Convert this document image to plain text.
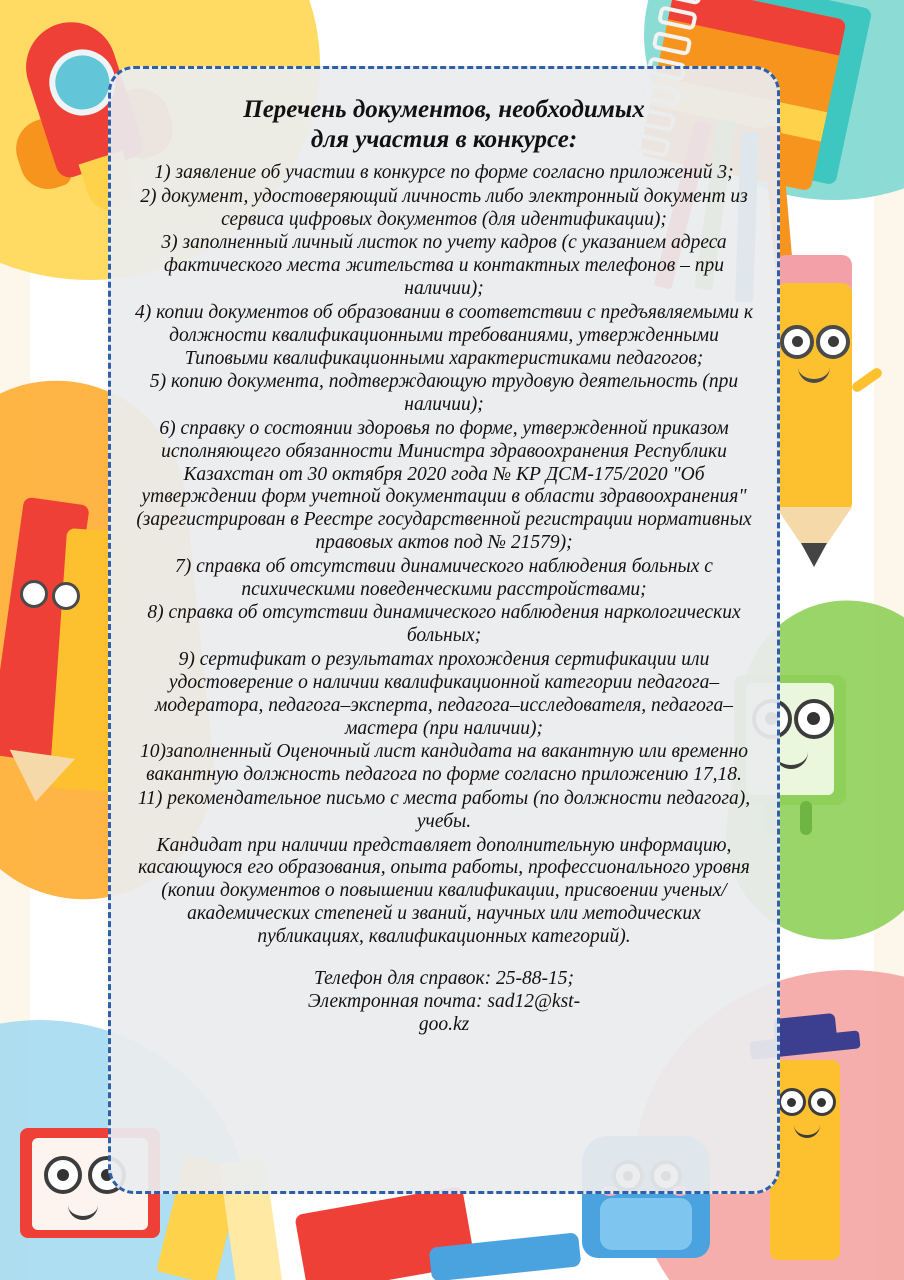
Перечень документов, необходимых
для участия в конкурсе:

1) заявление об участии в конкурсе по форме согласно приложений 3;

2) документ, удостоверяющий личность либо электронный документ из сервиса цифровых документов (для идентификации);

3) заполненный личный листок по учету кадров (с указанием адреса фактического места жительства и контактных телефонов – при наличии);

4) копии документов об образовании в соответствии с предъявляемыми к должности квалификационными требованиями, утвержденными Типовыми квалификационными характеристиками педагогов;

5) копию документа, подтверждающую трудовую деятельность (при наличии);

6) справку о состоянии здоровья по форме, утвержденной приказом исполняющего обязанности Министра здравоохранения Республики Казахстан от 30 октября 2020 года № КР ДСМ-175/2020 "Об утверждении форм учетной документации в области здравоохранения" (зарегистрирован в Реестре государственной регистрации нормативных правовых актов под № 21579);

7) справка об отсутствии динамического наблюдения больных с психическими поведенческими расстройствами;

8) справка об отсутствии динамического наблюдения наркологических больных;

9) сертификат о результатах прохождения сертификации или удостоверение о наличии квалификационной категории педагога–модератора, педагога–эксперта, педагога–исследователя, педагога–мастера (при наличии);

10)заполненный Оценочный лист кандидата на вакантную или временно вакантную должность педагога по форме согласно приложению 17,18.

11) рекомендательное письмо с места работы (по должности педагога), учебы.

Кандидат при наличии представляет дополнительную информацию, касающуюся его образования, опыта работы, профессионального уровня (копии документов о повышении квалификации, присвоении ученых/академических степеней и званий, научных или методических публикациях, квалификационных категорий).

Телефон для справок: 25-88-15;

Электронная почта: sad12@kst-

goo.kz
